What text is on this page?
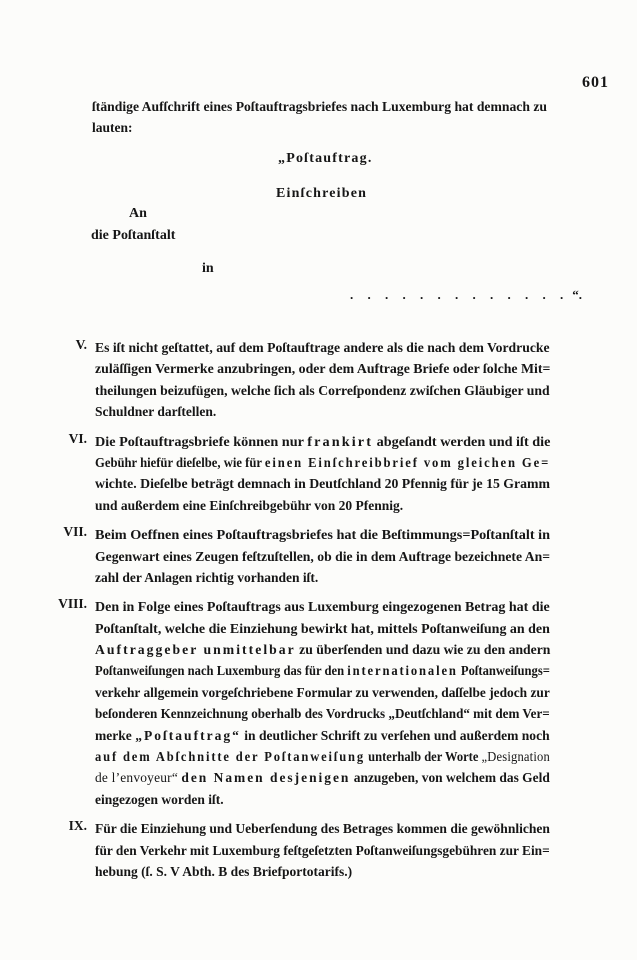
601
ſtändige Aufſchrift eines Poſtauftragsbriefes nach Luxemburg hat demnach zu
lauten:
„Poſtauftrag.
Einſchreiben
An
die Poſtanſtalt
in
. . . . . . . . . . . . . “.
V. Es iſt nicht geſtattet, auf dem Poſtauftrage andere als die nach dem Vordrucke
zuläſſigen Vermerke anzubringen, oder dem Auftrage Briefe oder ſolche Mit=
theilungen beizufügen, welche ſich als Correſpondenz zwiſchen Gläubiger und
Schuldner darſtellen.
VI. Die Poſtauftragsbriefe können nur frankirt abgeſandt werden und iſt die
Gebühr hiefür dieſelbe, wie für einen Einſchreibbrief vom gleichen Ge=
wichte. Dieſelbe beträgt demnach in Deutſchland 20 Pfennig für je 15 Gramm
und außerdem eine Einſchreibgebühr von 20 Pfennig.
VII. Beim Oeffnen eines Poſtauftragsbriefes hat die Beſtimmungs=Poſtanſtalt in
Gegenwart eines Zeugen feſtzuſtellen, ob die in dem Auftrage bezeichnete An=
zahl der Anlagen richtig vorhanden iſt.
VIII. Den in Folge eines Poſtauftrags aus Luxemburg eingezogenen Betrag hat die
Poſtanſtalt, welche die Einziehung bewirkt hat, mittels Poſtanweiſung an den
Auftraggeber unmittelbar zu überſenden und dazu wie zu den andern
Poſtanweiſungen nach Luxemburg das für den internationalen Poſtanweiſungs=
verkehr allgemein vorgeſchriebene Formular zu verwenden, daſſelbe jedoch zur
beſonderen Kennzeichnung oberhalb des Vordrucks „Deutſchland“ mit dem Ver=
merke „Poſtauftrag“ in deutlicher Schrift zu verſehen und außerdem noch
auf dem Abſchnitte der Poſtanweiſung unterhalb der Worte „Designation
de l’envoyeur“ den Namen desjenigen anzugeben, von welchem das Geld
eingezogen worden iſt.
IX. Für die Einziehung und Ueberſendung des Betrages kommen die gewöhnlichen
für den Verkehr mit Luxemburg feſtgeſetzten Poſtanweiſungsgebühren zur Ein=
hebung (ſ. S. V Abth. B des Briefportotarifs.)
